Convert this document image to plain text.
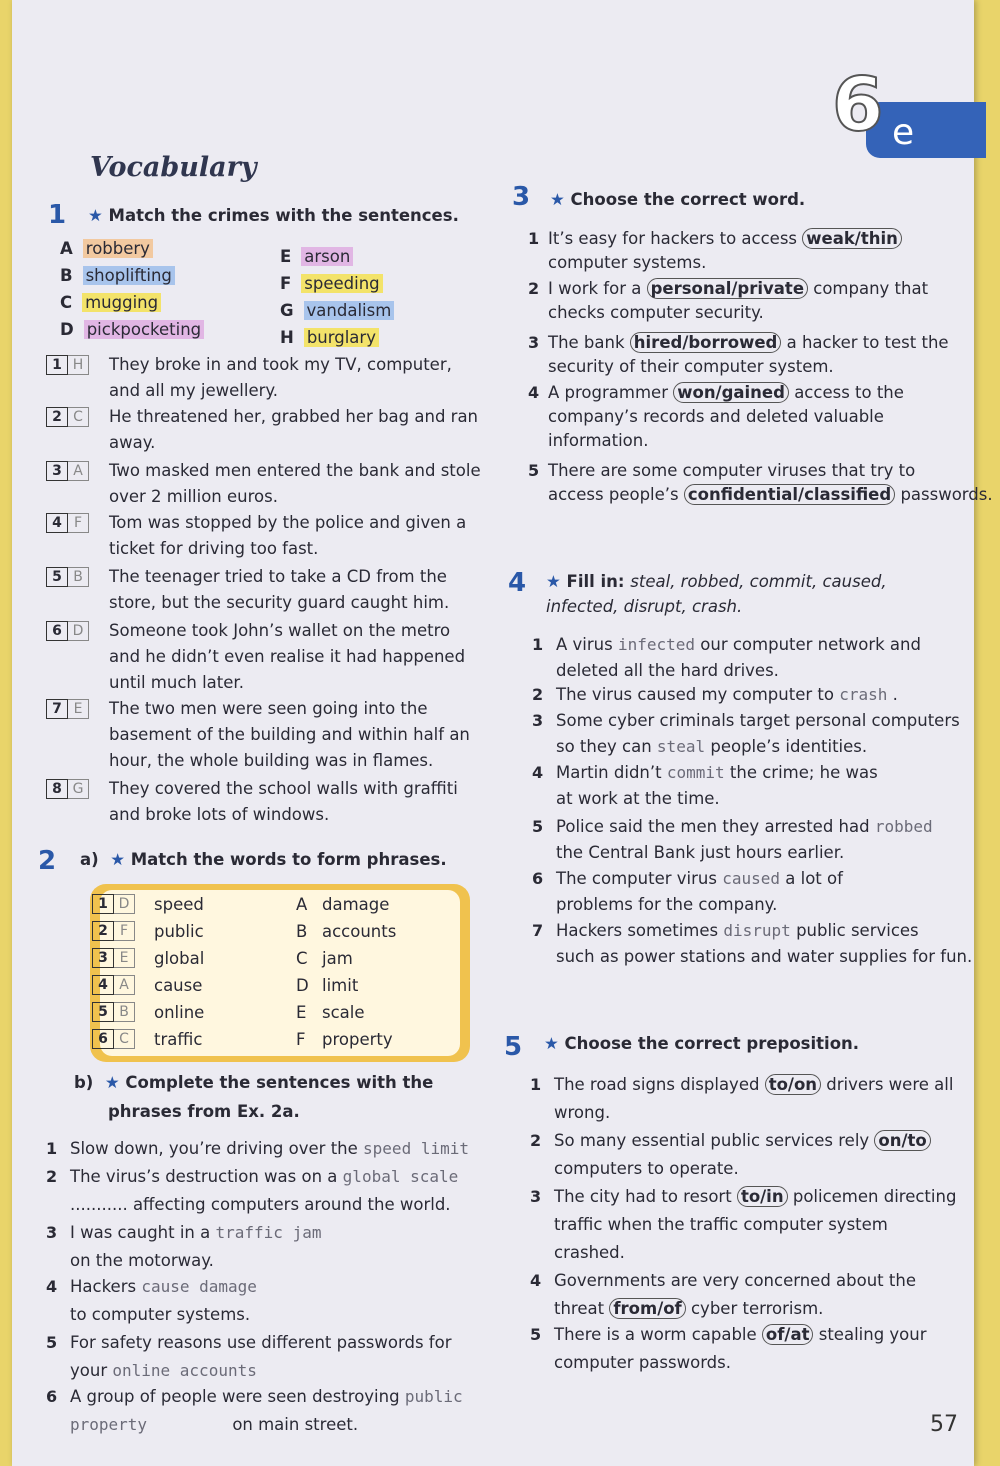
6 e
Vocabulary
1 ★ Match the crimes with the sentences.
A robbery
B shoplifting
C mugging
D pickpocketing
E arson
F speeding
G vandalism
H burglary
1 H	They broke in and took my TV, computer,
and all my jewellery.
2 C	He threatened her, grabbed her bag and ran
away.
3 A	Two masked men entered the bank and stole
over 2 million euros.
4 F	Tom was stopped by the police and given a
ticket for driving too fast.
5 B	The teenager tried to take a CD from the
store, but the security guard caught him.
6 D	Someone took John’s wallet on the metro
and he didn’t even realise it had happened
until much later.
7 E	The two men were seen going into the
basement of the building and within half an
hour, the whole building was in flames.
8 G	They covered the school walls with graffiti
and broke lots of windows.
2 a) ★ Match the words to form phrases.
1 D	speed	A damage
2 F	public	B accounts
3 E	global	C jam
4 A	cause	D limit
5 B	online	E scale
6 C	traffic	F property
b) ★ Complete the sentences with the
phrases from Ex. 2a.
1 Slow down, you’re driving over the speed limit
2 The virus’s destruction was on a global scale
........... affecting computers around the world.
3 I was caught in a traffic jam
on the motorway.
4 Hackers cause damage
to computer systems.
5 For safety reasons use different passwords for
your online accounts
6 A group of people were seen destroying public
property	on main street.
3 ★ Choose the correct word.
1 It’s easy for hackers to access weak/thin
computer systems.
2 I work for a personal/private company that
checks computer security.
3 The bank hired/borrowed a hacker to test the
security of their computer system.
4 A programmer won/gained access to the
company’s records and deleted valuable
information.
5 There are some computer viruses that try to
access people’s confidential/classified passwords.
4 ★ Fill in: steal, robbed, commit, caused,
infected, disrupt, crash.
1 A virus infected our computer network and
deleted all the hard drives.
2 The virus caused my computer to crash .
3 Some cyber criminals target personal computers
so they can steal people’s identities.
4 Martin didn’t commit the crime; he was
at work at the time.
5 Police said the men they arrested had robbed
the Central Bank just hours earlier.
6 The computer virus caused a lot of
problems for the company.
7 Hackers sometimes disrupt public services
such as power stations and water supplies for fun.
5 ★ Choose the correct preposition.
1 The road signs displayed to/on drivers were all
wrong.
2 So many essential public services rely on/to
computers to operate.
3 The city had to resort to/in policemen directing
traffic when the traffic computer system
crashed.
4 Governments are very concerned about the
threat from/of cyber terrorism.
5 There is a worm capable of/at stealing your
computer passwords.
57
